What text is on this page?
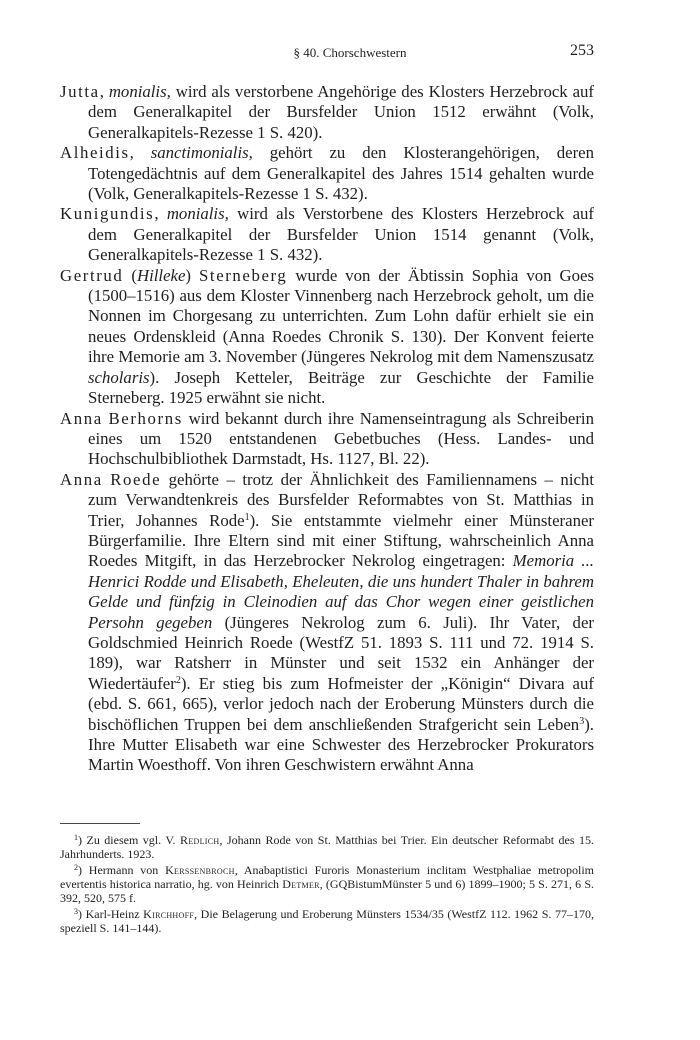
§ 40. Chorschwestern	253

Jutta, monialis, wird als verstorbene Angehörige des Klosters Herzebrock auf dem Generalkapitel der Bursfelder Union 1512 erwähnt (Volk, Generalkapitels-Rezesse 1 S. 420).

Alheidis, sanctimonialis, gehört zu den Klosterangehörigen, deren Totengedächtnis auf dem Generalkapitel des Jahres 1514 gehalten wurde (Volk, Generalkapitels-Rezesse 1 S. 432).

Kunigundis, monialis, wird als Verstorbene des Klosters Herzebrock auf dem Generalkapitel der Bursfelder Union 1514 genannt (Volk, Generalkapitels-Rezesse 1 S. 432).

Gertrud (Hilleke) Sterneberg wurde von der Äbtissin Sophia von Goes (1500–1516) aus dem Kloster Vinnenberg nach Herzebrock geholt, um die Nonnen im Chorgesang zu unterrichten. Zum Lohn dafür erhielt sie ein neues Ordenskleid (Anna Roedes Chronik S. 130). Der Konvent feierte ihre Memorie am 3. November (Jüngeres Nekrolog mit dem Namenszusatz scholaris). Joseph Ketteler, Beiträge zur Geschichte der Familie Sterneberg. 1925 erwähnt sie nicht.

Anna Berhorns wird bekannt durch ihre Namenseintragung als Schreiberin eines um 1520 entstandenen Gebetbuches (Hess. Landes- und Hochschulbibliothek Darmstadt, Hs. 1127, Bl. 22).

Anna Roede gehörte – trotz der Ähnlichkeit des Familiennamens – nicht zum Verwandtenkreis des Bursfelder Reformabtes von St. Matthias in Trier, Johannes Rode$^1$). Sie entstammte vielmehr einer Münsteraner Bürgerfamilie. Ihre Eltern sind mit einer Stiftung, wahrscheinlich Anna Roedes Mitgift, in das Herzebrocker Nekrolog eingetragen: Memoria ... Henrici Rodde und Elisabeth, Eheleuten, die uns hundert Thaler in bahrem Gelde und fünfzig in Cleinodien auf das Chor wegen einer geistlichen Persohn gegeben (Jüngeres Nekrolog zum 6. Juli). Ihr Vater, der Goldschmied Heinrich Roede (WestfZ 51. 1893 S. 111 und 72. 1914 S. 189), war Ratsherr in Münster und seit 1532 ein Anhänger der Wiedertäufer$^2$). Er stieg bis zum Hofmeister der „Königin“ Divara auf (ebd. S. 661, 665), verlor jedoch nach der Eroberung Münsters durch die bischöflichen Truppen bei dem anschließenden Strafgericht sein Leben$^3$). Ihre Mutter Elisabeth war eine Schwester des Herzebrocker Prokurators Martin Woesthoff. Von ihren Geschwistern erwähnt Anna

$^1$) Zu diesem vgl. V. Redlich, Johann Rode von St. Matthias bei Trier. Ein deutscher Reformabt des 15. Jahrhunderts. 1923.

$^2$) Hermann von Kerssenbroch, Anabaptistici Furoris Monasterium inclitam Westphaliae metropolim evertentis historica narratio, hg. von Heinrich Detmer, (GQBistumMünster 5 und 6) 1899–1900; 5 S. 271, 6 S. 392, 520, 575 f.

$^3$) Karl-Heinz Kirchhoff, Die Belagerung und Eroberung Münsters 1534/35 (WestfZ 112. 1962 S. 77–170, speziell S. 141–144).
